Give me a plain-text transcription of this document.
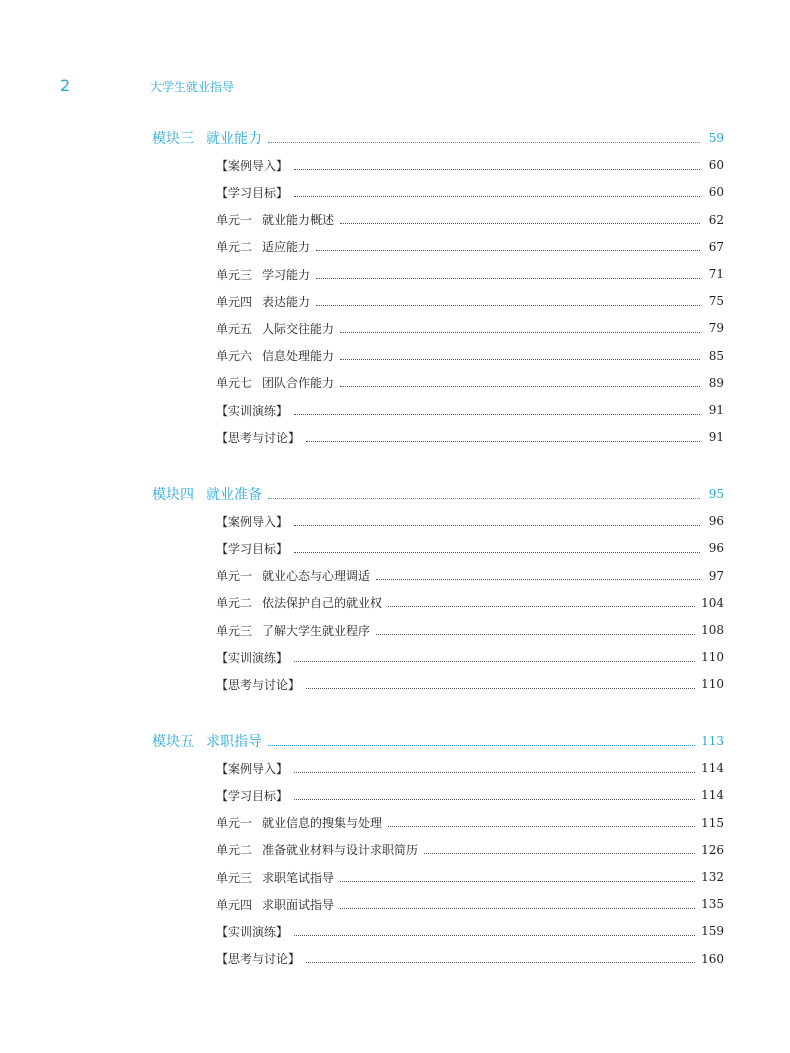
2	大学生就业指导
模块三 就业能力	59
【案例导入】	60
【学习目标】	60
单元一 就业能力概述	62
单元二 适应能力	67
单元三 学习能力	71
单元四 表达能力	75
单元五 人际交往能力	79
单元六 信息处理能力	85
单元七 团队合作能力	89
【实训演练】	91
【思考与讨论】	91
模块四 就业准备	95
【案例导入】	96
【学习目标】	96
单元一 就业心态与心理调适	97
单元二 依法保护自己的就业权	104
单元三 了解大学生就业程序	108
【实训演练】	110
【思考与讨论】	110
模块五 求职指导	113
【案例导入】	114
【学习目标】	114
单元一 就业信息的搜集与处理	115
单元二 准备就业材料与设计求职简历	126
单元三 求职笔试指导	132
单元四 求职面试指导	135
【实训演练】	159
【思考与讨论】	160
